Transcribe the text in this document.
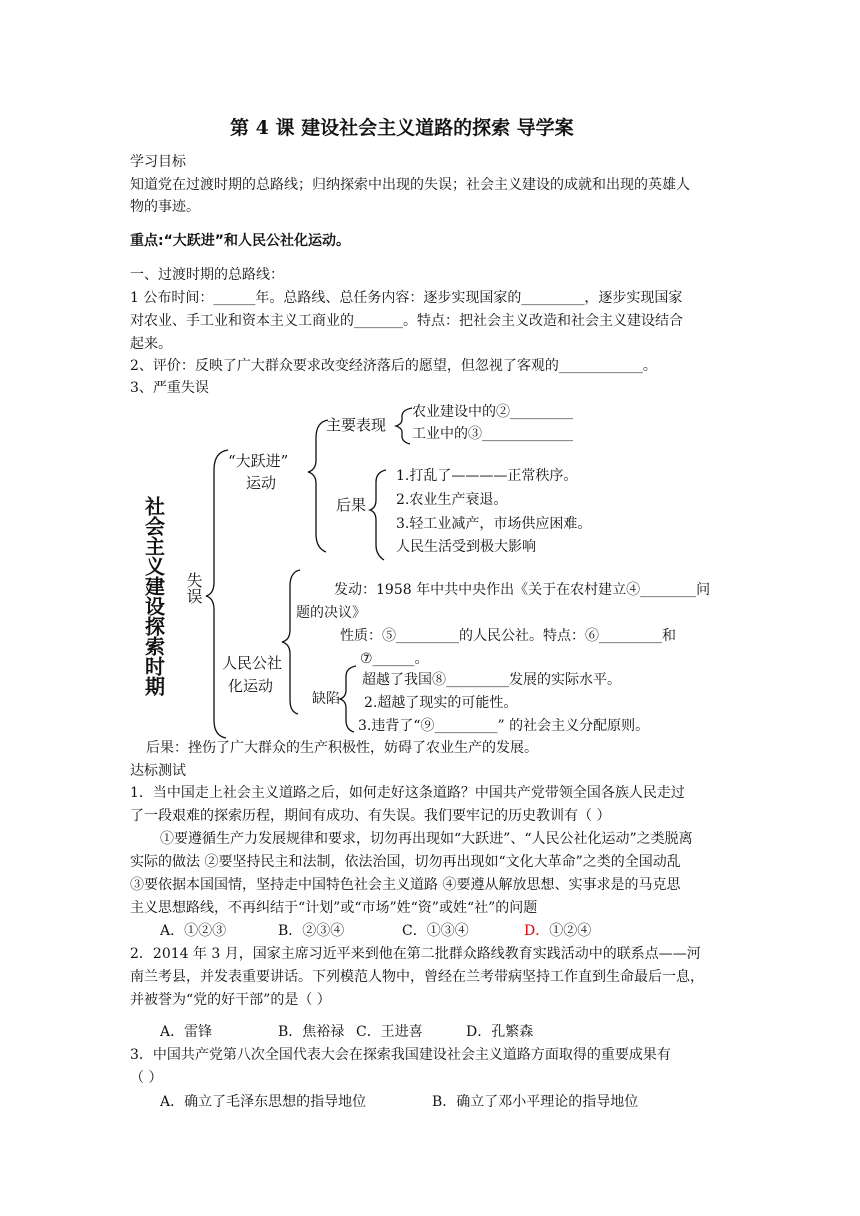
第 4 课 建设社会主义道路的探索 导学案
学习目标
知道党在过渡时期的总路线；归纳探索中出现的失误；社会主义建设的成就和出现的英雄人
物的事迹。
重点:“大跃进”和人民公社化运动。
一、过渡时期的总路线：
1 公布时间：______年。总路线、总任务内容：逐步实现国家的_________，逐步实现国家
对农业、手工业和资本主义工商业的_______。特点：把社会主义改造和社会主义建设结合
起来。
2、评价：反映了广大群众要求改变经济落后的愿望，但忽视了客观的____________。
3、严重失误
社会主义建设探索时期 失误
“大跃进”
运动
主要表现
农业建设中的②_________
工业中的③_____________
后果
1.打乱了————正常秩序。
2.农业生产衰退。
3.轻工业减产，市场供应困难。
人民生活受到极大影响
人民公社
化运动
发动：1958 年中共中央作出《关于在农村建立④________问
题的决议》
性质：⑤_________的人民公社。特点：⑥_________和
⑦______。
缺陷
超越了我国⑧_________发展的实际水平。
2.超越了现实的可能性。
3.违背了“⑨_________” 的社会主义分配原则。
后果：挫伤了广大群众的生产积极性，妨碍了农业生产的发展。
达标测试
1．当中国走上社会主义道路之后，如何走好这条道路？中国共产党带领全国各族人民走过
了一段艰难的探索历程，期间有成功、有失误。我们要牢记的历史教训有（ ）
①要遵循生产力发展规律和要求，切勿再出现如“大跃进”、“人民公社化运动”之类脱离
实际的做法 ②要坚持民主和法制，依法治国，切勿再出现如“文化大革命”之类的全国动乱
③要依据本国国情，坚持走中国特色社会主义道路 ④要遵从解放思想、实事求是的马克思
主义思想路线，不再纠结于“计划”或“市场”姓“资”或姓“社”的问题
A．①②③	B．②③④	C．①③④	D．①②④
2．2014 年 3 月，国家主席习近平来到他在第二批群众路线教育实践活动中的联系点——河
南兰考县，并发表重要讲话。下列模范人物中，曾经在兰考带病坚持工作直到生命最后一息，
并被誉为“党的好干部”的是（ ）
A．雷锋	B．焦裕禄 C．王进喜	D．孔繁森
3．中国共产党第八次全国代表大会在探索我国建设社会主义道路方面取得的重要成果有
（ ）
A．确立了毛泽东思想的指导地位	B．确立了邓小平理论的指导地位
